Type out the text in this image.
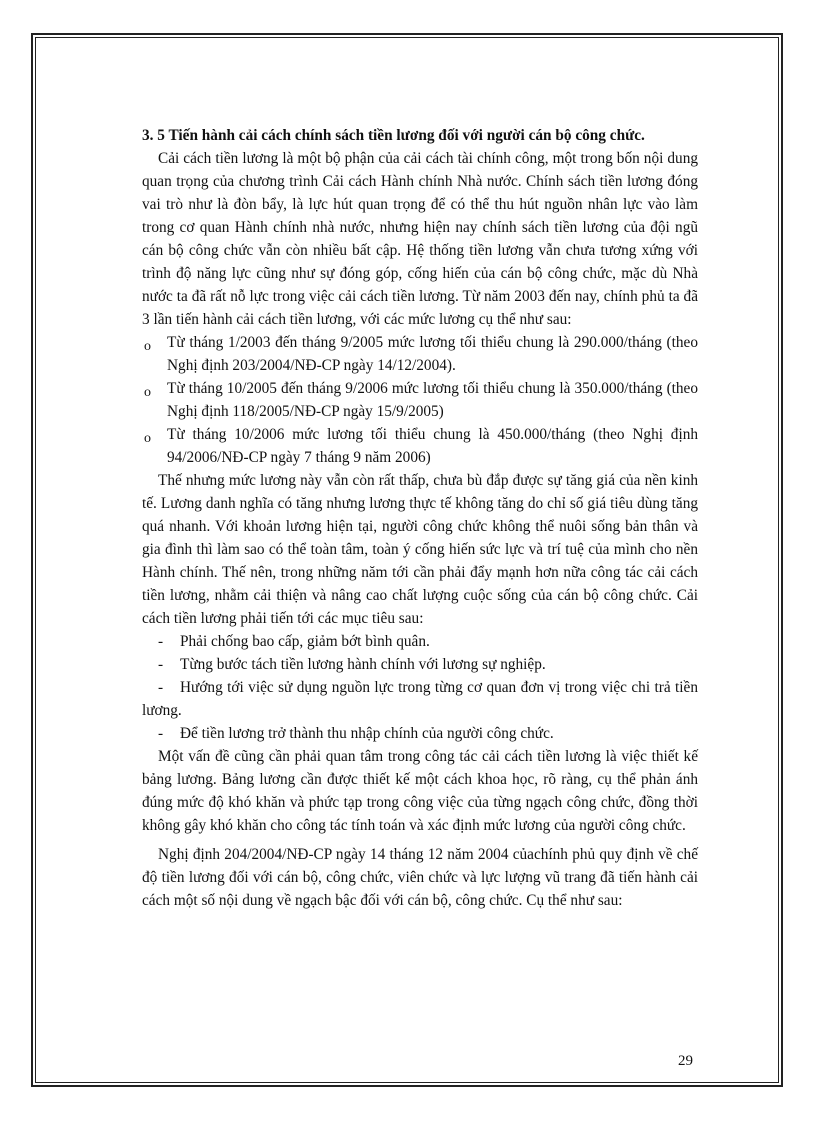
3. 5 Tiến hành cải cách chính sách tiền lương đối với người cán bộ công chức.

Cải cách tiền lương là một bộ phận của cải cách tài chính công, một trong bốn nội dung quan trọng của chương trình Cải cách Hành chính Nhà nước. Chính sách tiền lương đóng vai trò như là đòn bẩy, là lực hút quan trọng để có thể thu hút nguồn nhân lực vào làm trong cơ quan Hành chính nhà nước, nhưng hiện nay chính sách tiền lương của đội ngũ cán bộ công chức vẫn còn nhiều bất cập. Hệ thống tiền lương vẫn chưa tương xứng với trình độ năng lực cũng như sự đóng góp, cống hiến của cán bộ công chức, mặc dù Nhà nước ta đã rất nỗ lực trong việc cải cách tiền lương. Từ năm 2003 đến nay, chính phủ ta đã 3 lần tiến hành cải cách tiền lương, với các mức lương cụ thể như sau:

o Từ tháng 1/2003 đến tháng 9/2005 mức lương tối thiểu chung là 290.000/tháng (theo Nghị định 203/2004/NĐ-CP ngày 14/12/2004).
o Từ tháng 10/2005 đến tháng 9/2006 mức lương tối thiểu chung là 350.000/tháng (theo Nghị định 118/2005/NĐ-CP ngày 15/9/2005)
o Từ tháng 10/2006 mức lương tối thiểu chung là 450.000/tháng (theo Nghị định 94/2006/NĐ-CP ngày 7 tháng 9 năm 2006)

Thế nhưng mức lương này vẫn còn rất thấp, chưa bù đắp được sự tăng giá của nền kinh tế. Lương danh nghĩa có tăng nhưng lương thực tế không tăng do chỉ số giá tiêu dùng tăng quá nhanh. Với khoản lương hiện tại, người công chức không thể nuôi sống bản thân và gia đình thì làm sao có thể toàn tâm, toàn ý cống hiến sức lực và trí tuệ của mình cho nền Hành chính. Thế nên, trong những năm tới cần phải đẩy mạnh hơn nữa công tác cải cách tiền lương, nhằm cải thiện và nâng cao chất lượng cuộc sống của cán bộ công chức. Cải cách tiền lương phải tiến tới các mục tiêu sau:

- Phải chống bao cấp, giảm bớt bình quân.
- Từng bước tách tiền lương hành chính với lương sự nghiệp.
- Hướng tới việc sử dụng nguồn lực trong từng cơ quan đơn vị trong việc chi trả tiền lương.
- Để tiền lương trở thành thu nhập chính của người công chức.

Một vấn đề cũng cần phải quan tâm trong công tác cải cách tiền lương là việc thiết kế bảng lương. Bảng lương cần được thiết kế một cách khoa học, rõ ràng, cụ thể phản ánh đúng mức độ khó khăn và phức tạp trong công việc của từng ngạch công chức, đồng thời không gây khó khăn cho công tác tính toán và xác định mức lương của người công chức.

Nghị định 204/2004/NĐ-CP ngày 14 tháng 12 năm 2004 củachính phủ quy định về chế độ tiền lương đối với cán bộ, công chức, viên chức và lực lượng vũ trang đã tiến hành cải cách một số nội dung về ngạch bậc đối với cán bộ, công chức. Cụ thể như sau:

29
